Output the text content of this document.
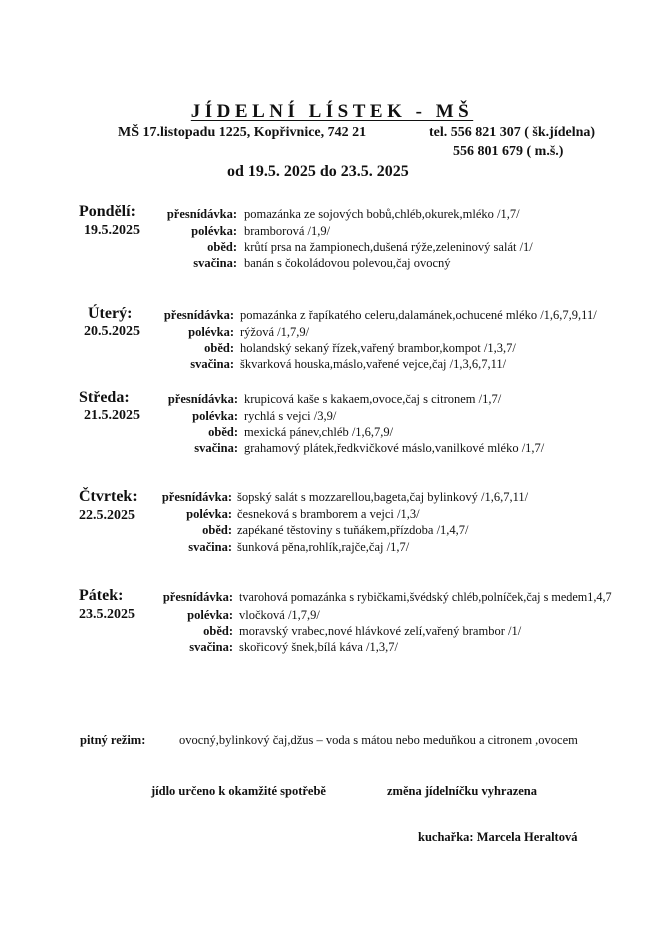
JÍDELNÍ LÍSTEK - MŠ
MŠ 17.listopadu 1225, Kopřivnice, 742 21	tel. 556 821 307 ( šk.jídelna)
556 801 679 ( m.š.)
od 19.5. 2025 do 23.5. 2025
Pondělí:
19.5.2025
přesnídávka: pomazánka ze sojových bobů,chléb,okurek,mléko /1,7/
polévka: bramborová /1,9/
oběd: krůtí prsa na žampionech,dušená rýže,zeleninový salát /1/
svačina: banán s čokoládovou polevou,čaj ovocný
Úterý:
20.5.2025
přesnídávka: pomazánka z řapíkatého celeru,dalamánek,ochucené mléko /1,6,7,9,11/
polévka: rýžová /1,7,9/
oběd: holandský sekaný řízek,vařený brambor,kompot /1,3,7/
svačina: škvarková houska,máslo,vařené vejce,čaj /1,3,6,7,11/
Středa:
21.5.2025
přesnídávka: krupicová kaše s kakaem,ovoce,čaj s citronem /1,7/
polévka: rychlá s vejci /3,9/
oběd: mexická pánev,chléb /1,6,7,9/
svačina: grahamový plátek,ředkvičkové máslo,vanilkové mléko /1,7/
Čtvrtek:
22.5.2025
přesnídávka: šopský salát s mozzarellou,bageta,čaj bylinkový /1,6,7,11/
polévka: česneková s bramborem a vejci /1,3/
oběd: zapékané těstoviny s tuňákem,přízdoba /1,4,7/
svačina: šunková pěna,rohlík,rajče,čaj /1,7/
Pátek:
23.5.2025
přesnídávka: tvarohová pomazánka s rybičkami,švédský chléb,polníček,čaj s medem1,4,7
polévka: vločková /1,7,9/
oběd: moravský vrabec,nové hlávkové zelí,vařený brambor /1/
svačina: skořicový šnek,bílá káva /1,3,7/
pitný režim:	ovocný,bylinkový čaj,džus – voda s mátou nebo meduňkou a citronem ,ovocem
jídlo určeno k okamžité spotřebě	změna jídelníčku vyhrazena
kuchařka: Marcela Heraltová
